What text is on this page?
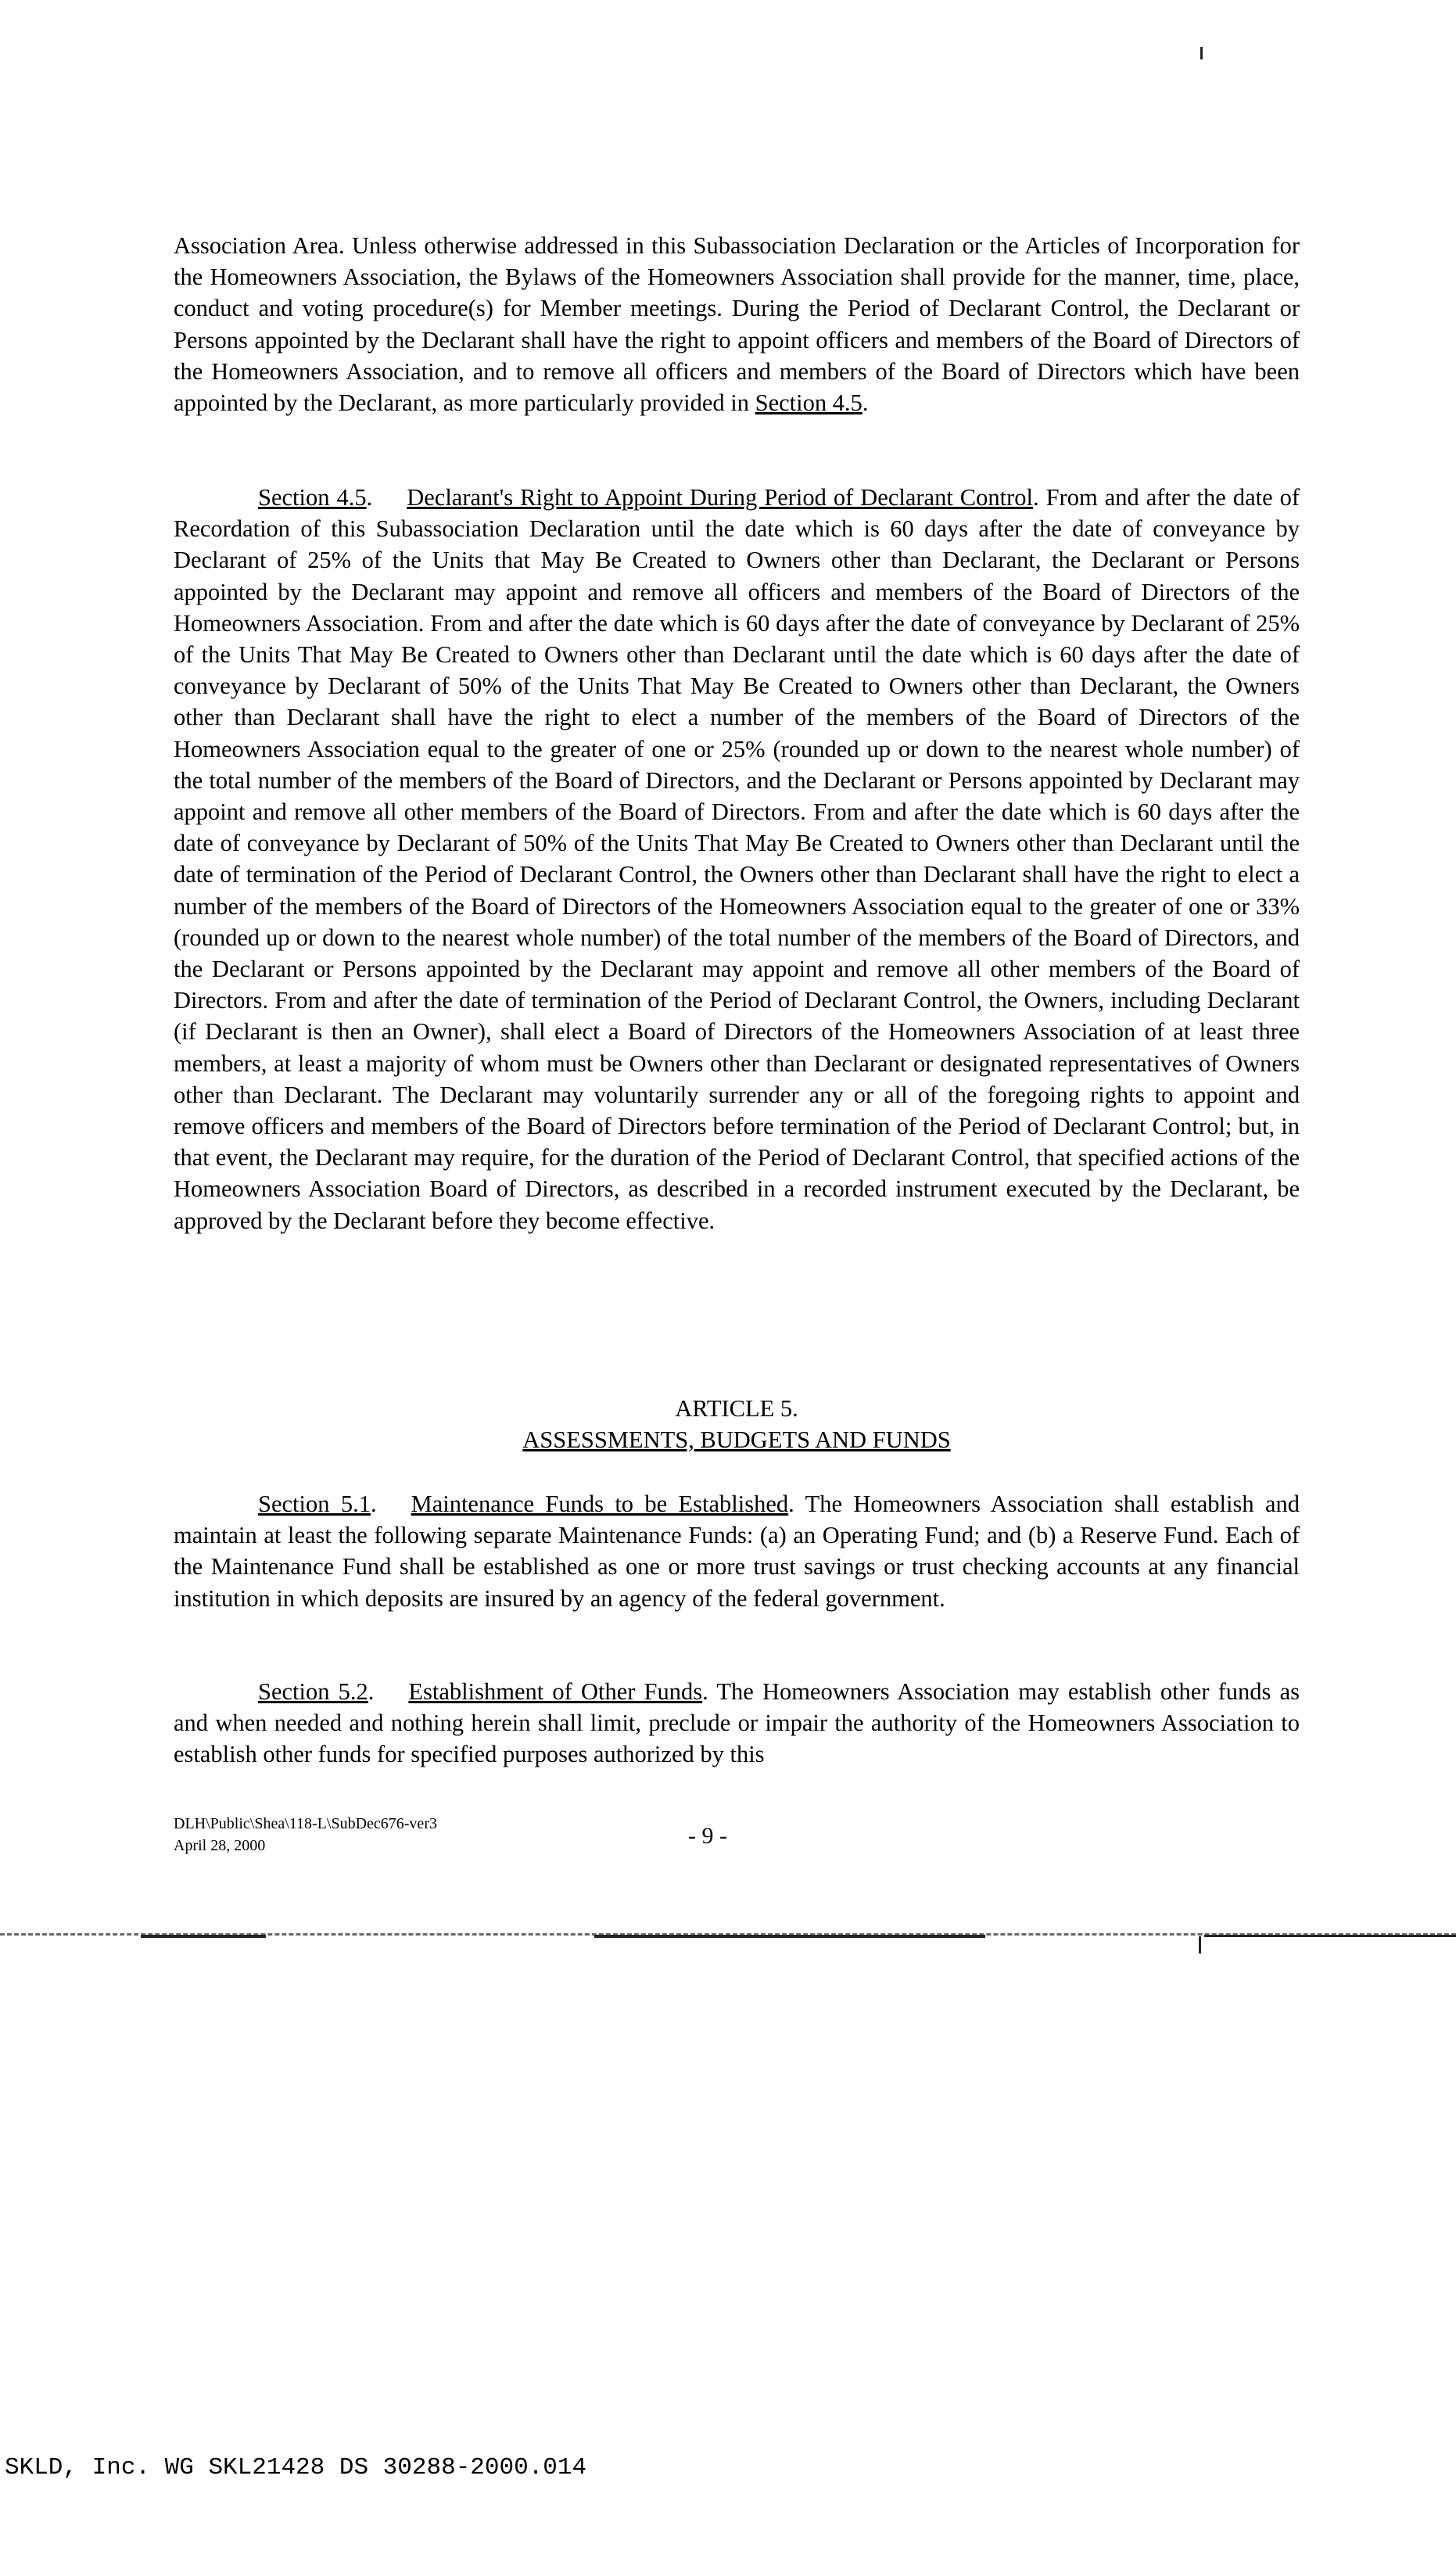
Association Area. Unless otherwise addressed in this Subassociation Declaration or the Articles of Incorporation for the Homeowners Association, the Bylaws of the Homeowners Association shall provide for the manner, time, place, conduct and voting procedure(s) for Member meetings. During the Period of Declarant Control, the Declarant or Persons appointed by the Declarant shall have the right to appoint officers and members of the Board of Directors of the Homeowners Association, and to remove all officers and members of the Board of Directors which have been appointed by the Declarant, as more particularly provided in Section 4.5.

Section 4.5. Declarant's Right to Appoint During Period of Declarant Control. From and after the date of Recordation of this Subassociation Declaration until the date which is 60 days after the date of conveyance by Declarant of 25% of the Units that May Be Created to Owners other than Declarant, the Declarant or Persons appointed by the Declarant may appoint and remove all officers and members of the Board of Directors of the Homeowners Association. From and after the date which is 60 days after the date of conveyance by Declarant of 25% of the Units That May Be Created to Owners other than Declarant until the date which is 60 days after the date of conveyance by Declarant of 50% of the Units That May Be Created to Owners other than Declarant, the Owners other than Declarant shall have the right to elect a number of the members of the Board of Directors of the Homeowners Association equal to the greater of one or 25% (rounded up or down to the nearest whole number) of the total number of the members of the Board of Directors, and the Declarant or Persons appointed by Declarant may appoint and remove all other members of the Board of Directors. From and after the date which is 60 days after the date of conveyance by Declarant of 50% of the Units That May Be Created to Owners other than Declarant until the date of termination of the Period of Declarant Control, the Owners other than Declarant shall have the right to elect a number of the members of the Board of Directors of the Homeowners Association equal to the greater of one or 33% (rounded up or down to the nearest whole number) of the total number of the members of the Board of Directors, and the Declarant or Persons appointed by the Declarant may appoint and remove all other members of the Board of Directors. From and after the date of termination of the Period of Declarant Control, the Owners, including Declarant (if Declarant is then an Owner), shall elect a Board of Directors of the Homeowners Association of at least three members, at least a majority of whom must be Owners other than Declarant or designated representatives of Owners other than Declarant. The Declarant may voluntarily surrender any or all of the foregoing rights to appoint and remove officers and members of the Board of Directors before termination of the Period of Declarant Control; but, in that event, the Declarant may require, for the duration of the Period of Declarant Control, that specified actions of the Homeowners Association Board of Directors, as described in a recorded instrument executed by the Declarant, be approved by the Declarant before they become effective.

ARTICLE 5.
ASSESSMENTS, BUDGETS AND FUNDS

Section 5.1. Maintenance Funds to be Established. The Homeowners Association shall establish and maintain at least the following separate Maintenance Funds: (a) an Operating Fund; and (b) a Reserve Fund. Each of the Maintenance Fund shall be established as one or more trust savings or trust checking accounts at any financial institution in which deposits are insured by an agency of the federal government.

Section 5.2. Establishment of Other Funds. The Homeowners Association may establish other funds as and when needed and nothing herein shall limit, preclude or impair the authority of the Homeowners Association to establish other funds for specified purposes authorized by this

DLH\Public\Shea\118-L\SubDec676-ver3
April 28, 2000	- 9 -
SKLD, Inc. WG SKL21428 DS 30288-2000.014
